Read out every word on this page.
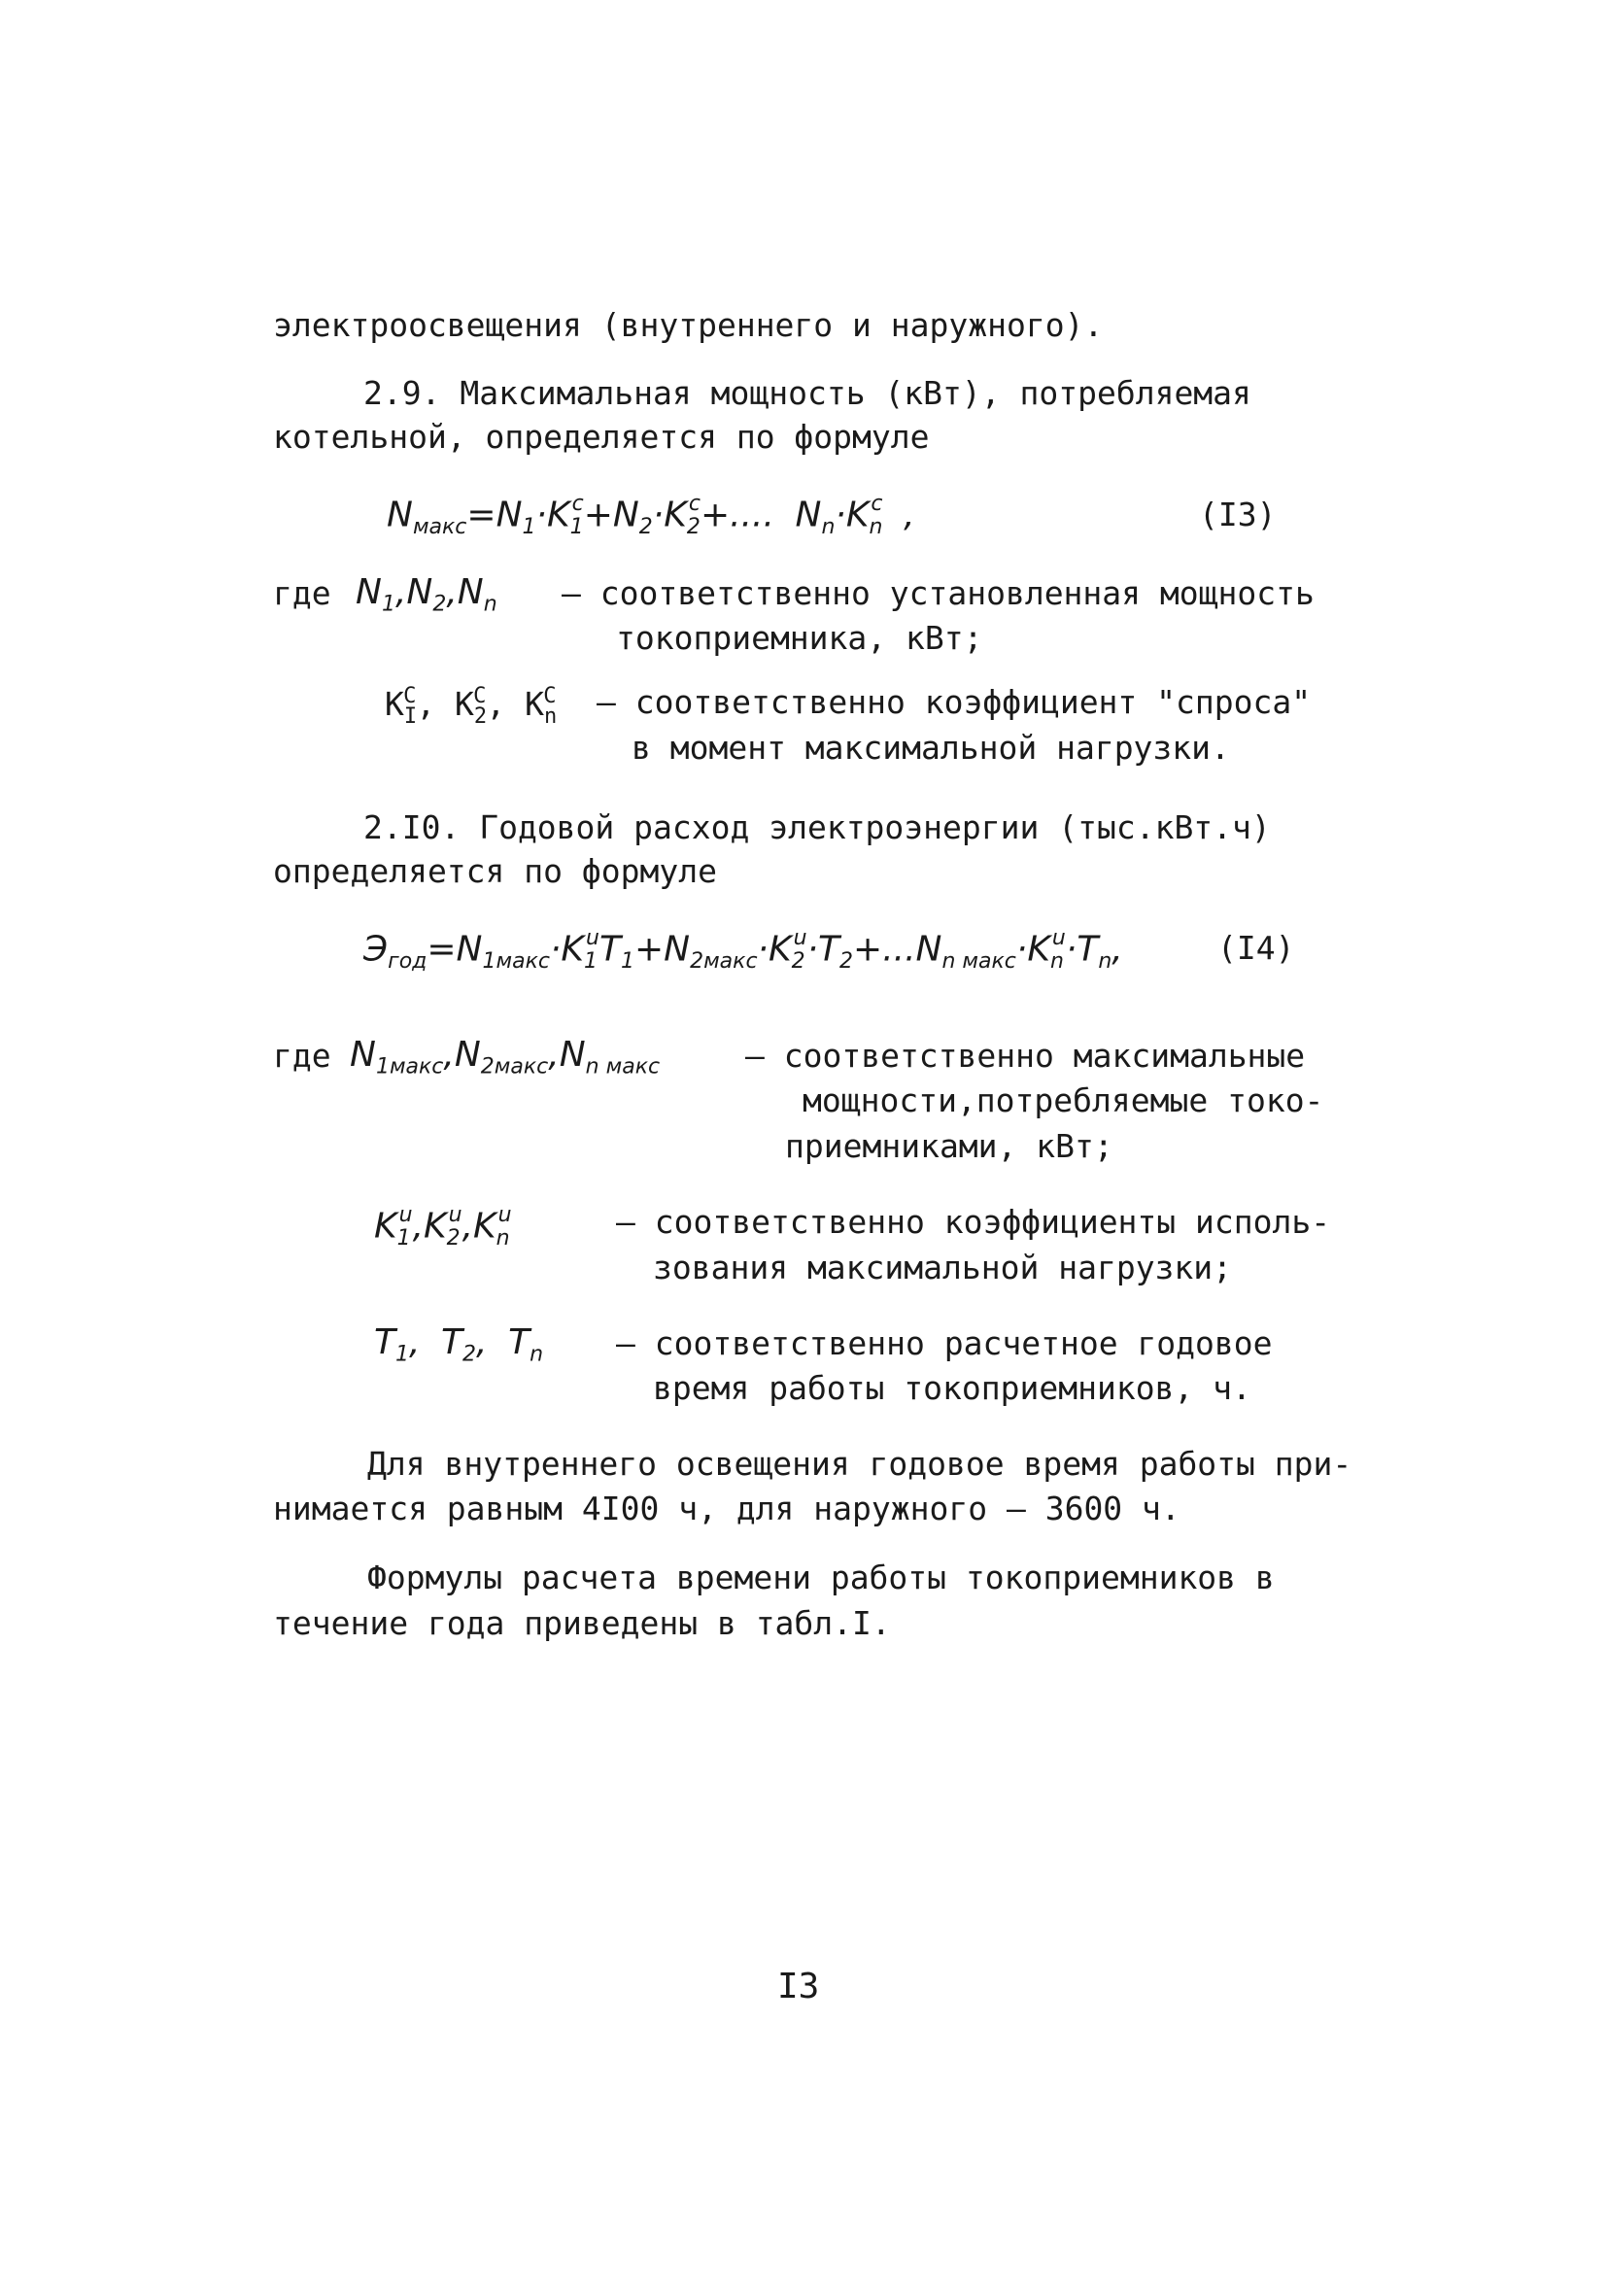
электроосвещения (внутреннего и наружного).
2.9. Максимальная мощность (кВт), потребляемая
котельной, определяется по формуле
$N_{макс}=N_1\cdot K_1^c+N_2\cdot K_2^c+$.... $N_n\cdot K_n^c$ ,	(I3)
где $N_1,N_2,N_n$ – соответственно установленная мощность
токоприемника, кВт;
$K_I^С$, $K_2^С$, $K_n^С$ – соответственно коэффициент "спроса"
в момент максимальной нагрузки.
2.I0. Годовой расход электроэнергии (тыс.кВт.ч)
определяется по формуле
$Э_{год}=N_{1макс}\cdot K_1^uT_1+N_{2макс}\cdot K_2^u\cdot T_2+...N_{n макс}\cdot K_n^u\cdot T_n$,	(I4)
где $N_{1макс},N_{2макс},N_{n макс}$	– соответственно максимальные
мощности,потребляемые токо-
приемниками, кВт;
$K_1^u,K_2^u,K_n^u$	– соответственно коэффициенты исполь-
зования максимальной нагрузки;
$T_1$, $T_2$, $T_n$ – соответственно расчетное годовое
время работы токоприемников, ч.
Для внутреннего освещения годовое время работы при-
нимается равным 4I00 ч, для наружного – 3600 ч.
Формулы расчета времени работы токоприемников в
течение года приведены в табл.I.
I3
